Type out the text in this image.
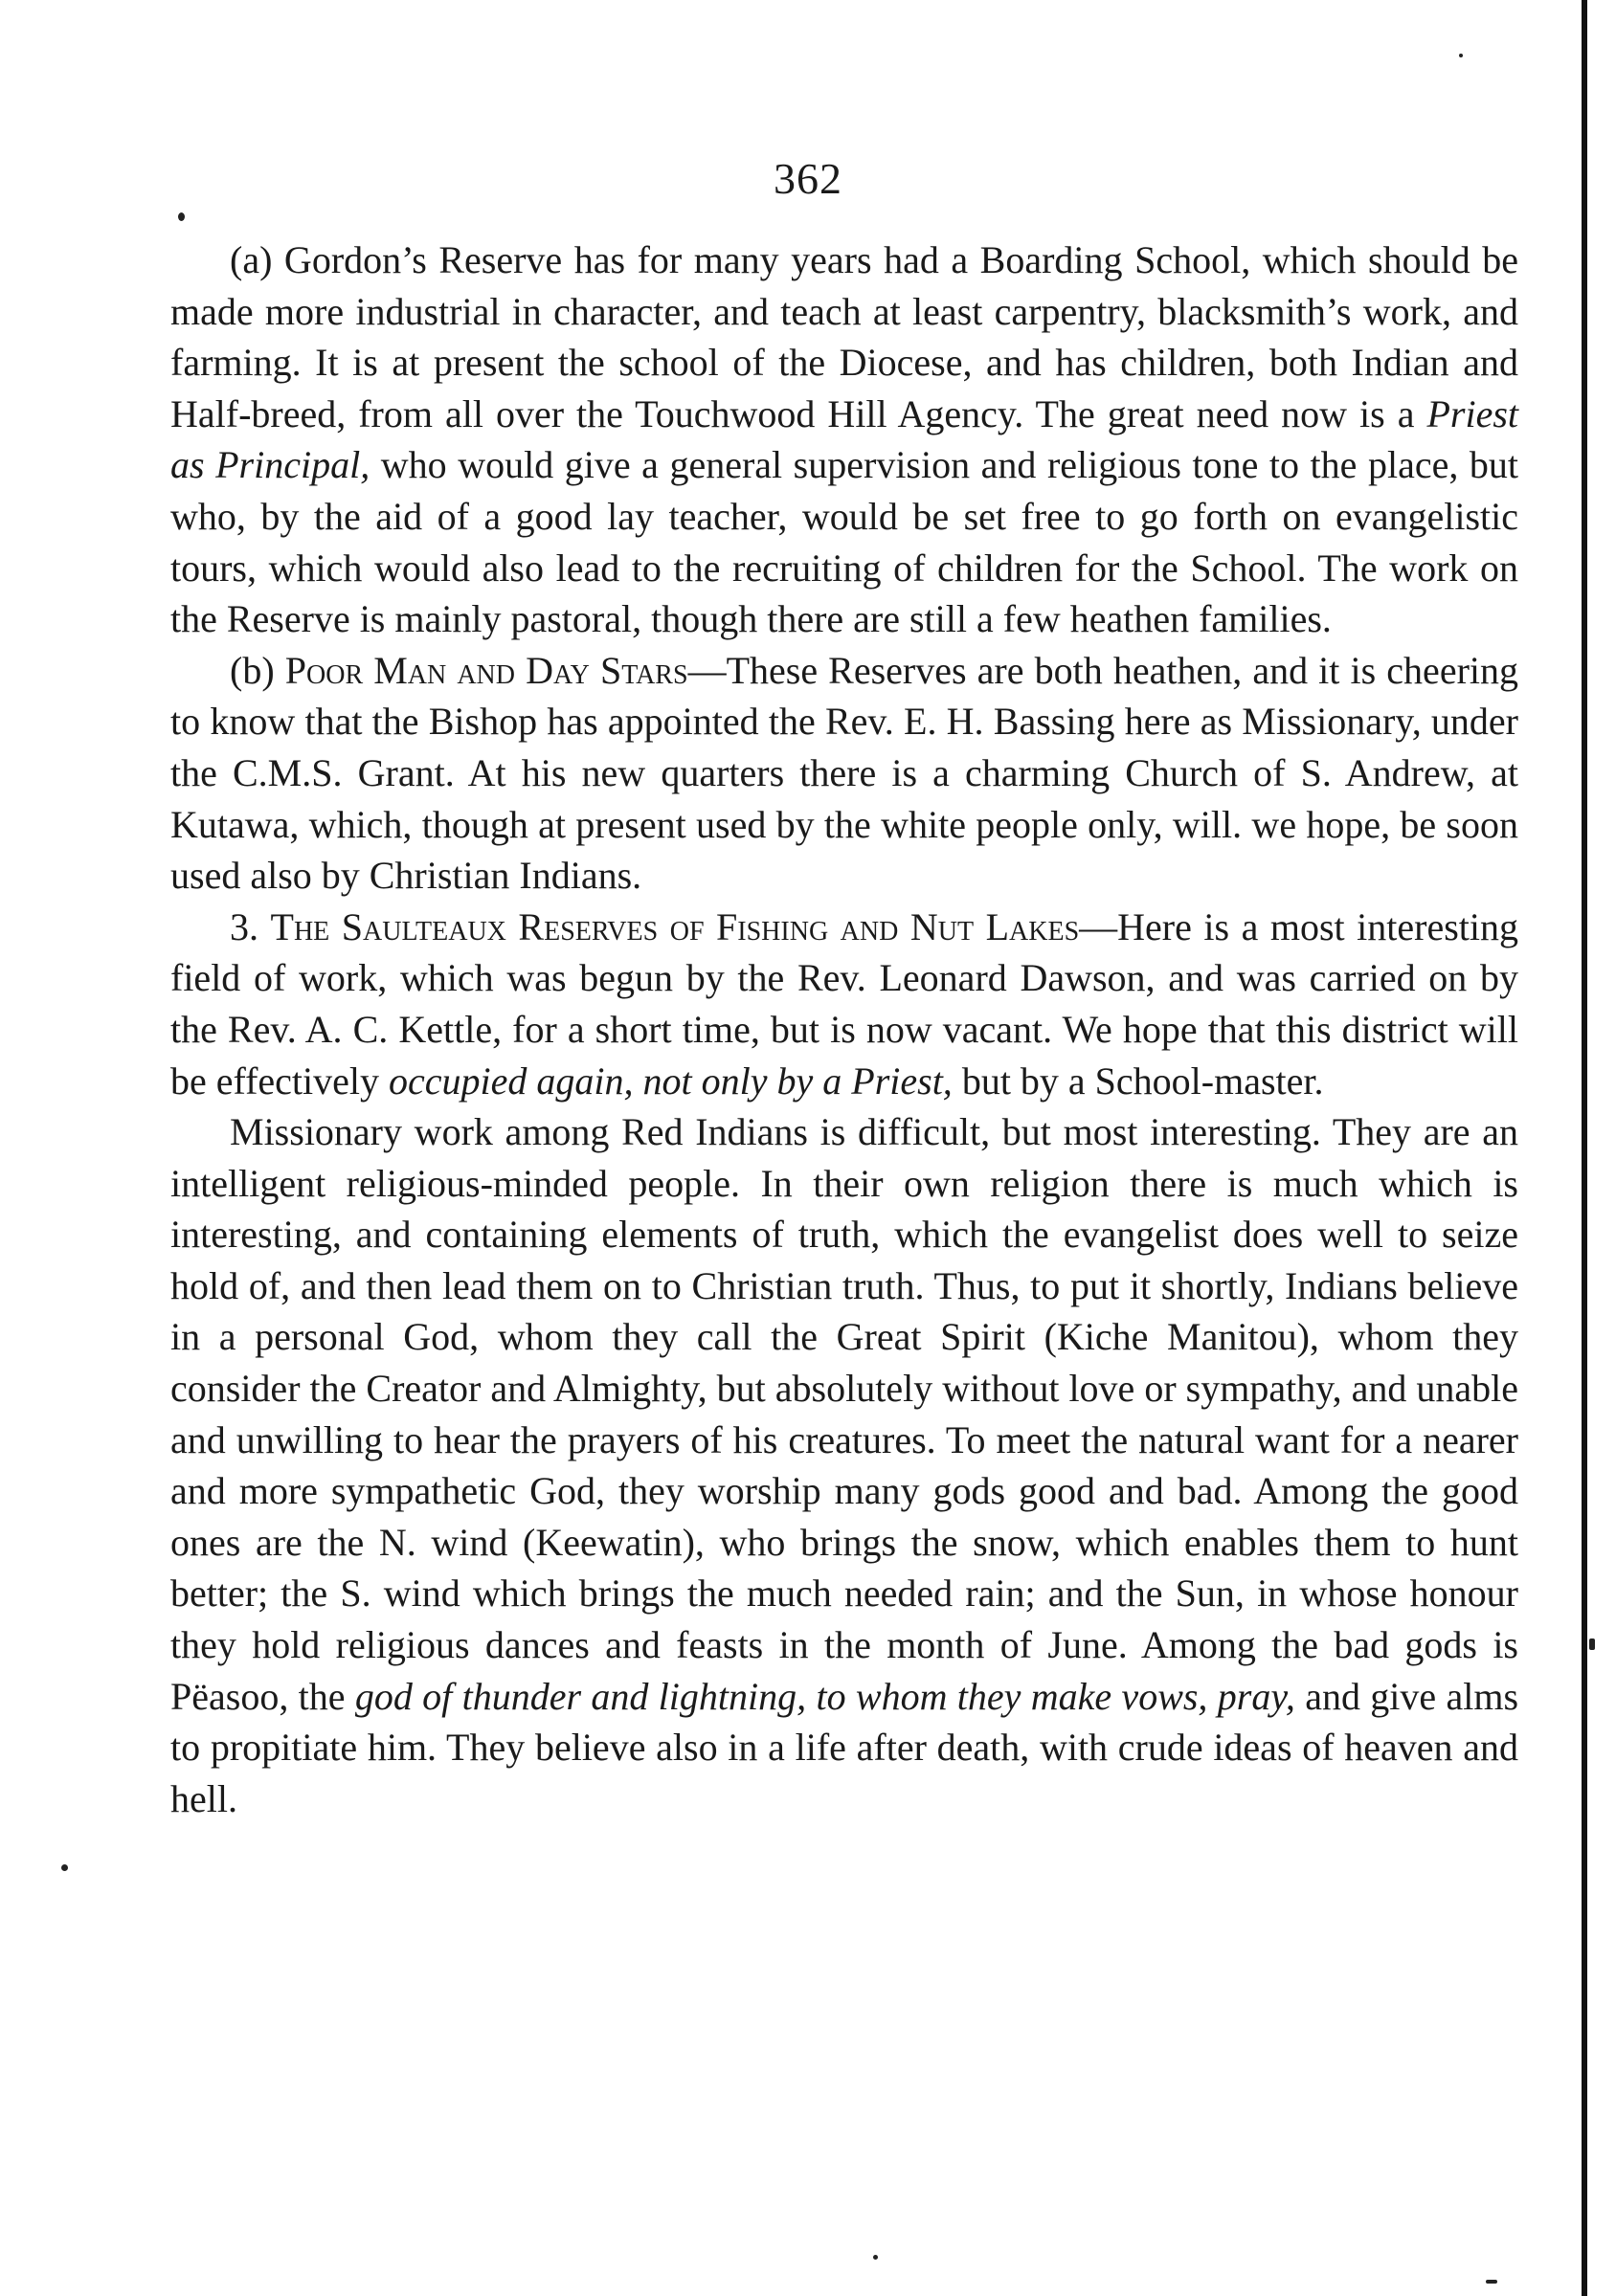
362

(a) Gordon’s Reserve has for many years had a Boarding School, which should be made more industrial in character, and teach at least carpentry, blacksmith’s work, and farming. It is at present the school of the Diocese, and has children, both Indian and Half-breed, from all over the Touchwood Hill Agency. The great need now is a Priest as Principal, who would give a general supervision and religious tone to the place, but who, by the aid of a good lay teacher, would be set free to go forth on evangelistic tours, which would also lead to the recruiting of children for the School. The work on the Reserve is mainly pastoral, though there are still a few heathen families.

(b) Poor Man and Day Stars—These Reserves are both heathen, and it is cheering to know that the Bishop has appointed the Rev. E. H. Bassing here as Missionary, under the C.M.S. Grant. At his new quarters there is a charming Church of S. Andrew, at Kutawa, which, though at present used by the white people only, will. we hope, be soon used also by Christian Indians.

3. The Saulteaux Reserves of Fishing and Nut Lakes—Here is a most interesting field of work, which was begun by the Rev. Leonard Dawson, and was carried on by the Rev. A. C. Kettle, for a short time, but is now vacant. We hope that this district will be effectively occupied again, not only by a Priest, but by a School-master.

Missionary work among Red Indians is difficult, but most interesting. They are an intelligent religious-minded people. In their own religion there is much which is interesting, and containing elements of truth, which the evangelist does well to seize hold of, and then lead them on to Christian truth. Thus, to put it shortly, Indians believe in a personal God, whom they call the Great Spirit (Kiche Manitou), whom they consider the Creator and Almighty, but absolutely without love or sympathy, and unable and unwilling to hear the prayers of his creatures. To meet the natural want for a nearer and more sympathetic God, they worship many gods good and bad. Among the good ones are the N. wind (Keewatin), who brings the snow, which enables them to hunt better; the S. wind which brings the much needed rain; and the Sun, in whose honour they hold religious dances and feasts in the month of June. Among the bad gods is Pëasoo, the god of thunder and lightning, to whom they make vows, pray, and give alms to propitiate him. They believe also in a life after death, with crude ideas of heaven and hell.
